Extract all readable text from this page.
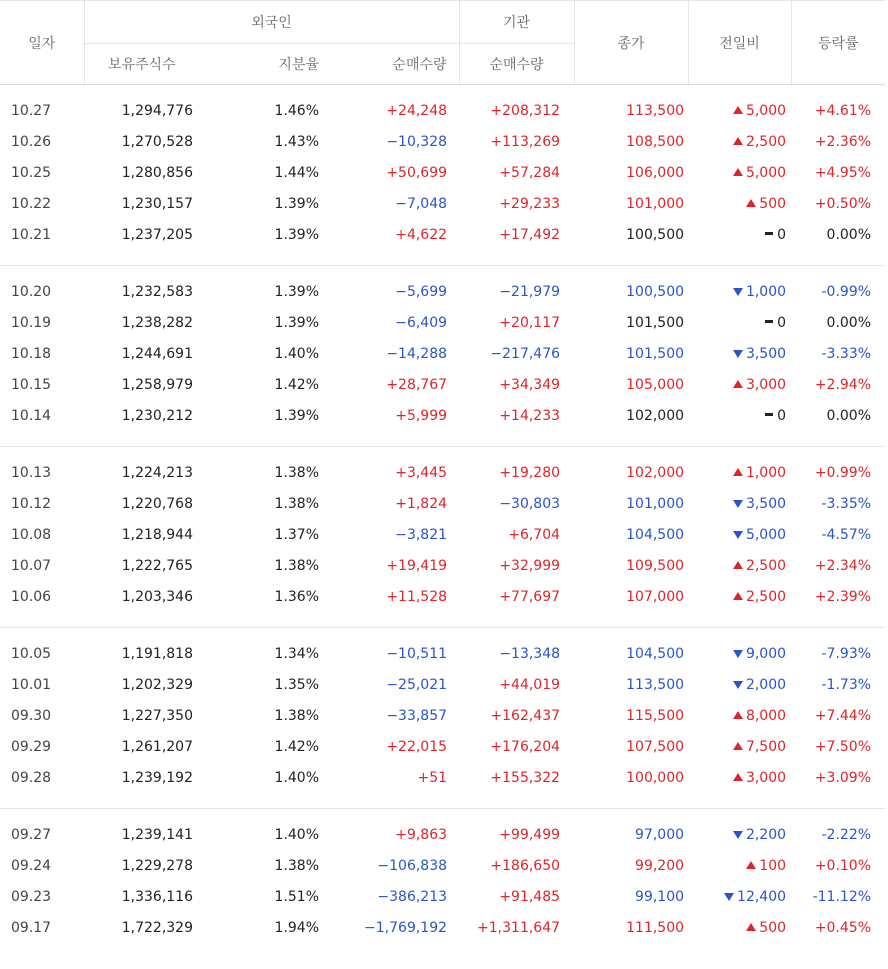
일자	외국인			기관	종가	전일비	등락률
	보유주식수	지분율	순매수량	순매수량			
10.27	1,294,776	1.46%	+24,248	+208,312	113,500	5,000	+4.61%
10.26	1,270,528	1.43%	−10,328	+113,269	108,500	2,500	+2.36%
10.25	1,280,856	1.44%	+50,699	+57,284	106,000	5,000	+4.95%
10.22	1,230,157	1.39%	−7,048	+29,233	101,000	500	+0.50%
10.21	1,237,205	1.39%	+4,622	+17,492	100,500	0	0.00%

10.20	1,232,583	1.39%	−5,699	−21,979	100,500	1,000	-0.99%
10.19	1,238,282	1.39%	−6,409	+20,117	101,500	0	0.00%
10.18	1,244,691	1.40%	−14,288	−217,476	101,500	3,500	-3.33%
10.15	1,258,979	1.42%	+28,767	+34,349	105,000	3,000	+2.94%
10.14	1,230,212	1.39%	+5,999	+14,233	102,000	0	0.00%

10.13	1,224,213	1.38%	+3,445	+19,280	102,000	1,000	+0.99%
10.12	1,220,768	1.38%	+1,824	−30,803	101,000	3,500	-3.35%
10.08	1,218,944	1.37%	−3,821	+6,704	104,500	5,000	-4.57%
10.07	1,222,765	1.38%	+19,419	+32,999	109,500	2,500	+2.34%
10.06	1,203,346	1.36%	+11,528	+77,697	107,000	2,500	+2.39%

10.05	1,191,818	1.34%	−10,511	−13,348	104,500	9,000	-7.93%
10.01	1,202,329	1.35%	−25,021	+44,019	113,500	2,000	-1.73%
09.30	1,227,350	1.38%	−33,857	+162,437	115,500	8,000	+7.44%
09.29	1,261,207	1.42%	+22,015	+176,204	107,500	7,500	+7.50%
09.28	1,239,192	1.40%	+51	+155,322	100,000	3,000	+3.09%

09.27	1,239,141	1.40%	+9,863	+99,499	97,000	2,200	-2.22%
09.24	1,229,278	1.38%	−106,838	+186,650	99,200	100	+0.10%
09.23	1,336,116	1.51%	−386,213	+91,485	99,100	12,400	-11.12%
09.17	1,722,329	1.94%	−1,769,192	+1,311,647	111,500	500	+0.45%
